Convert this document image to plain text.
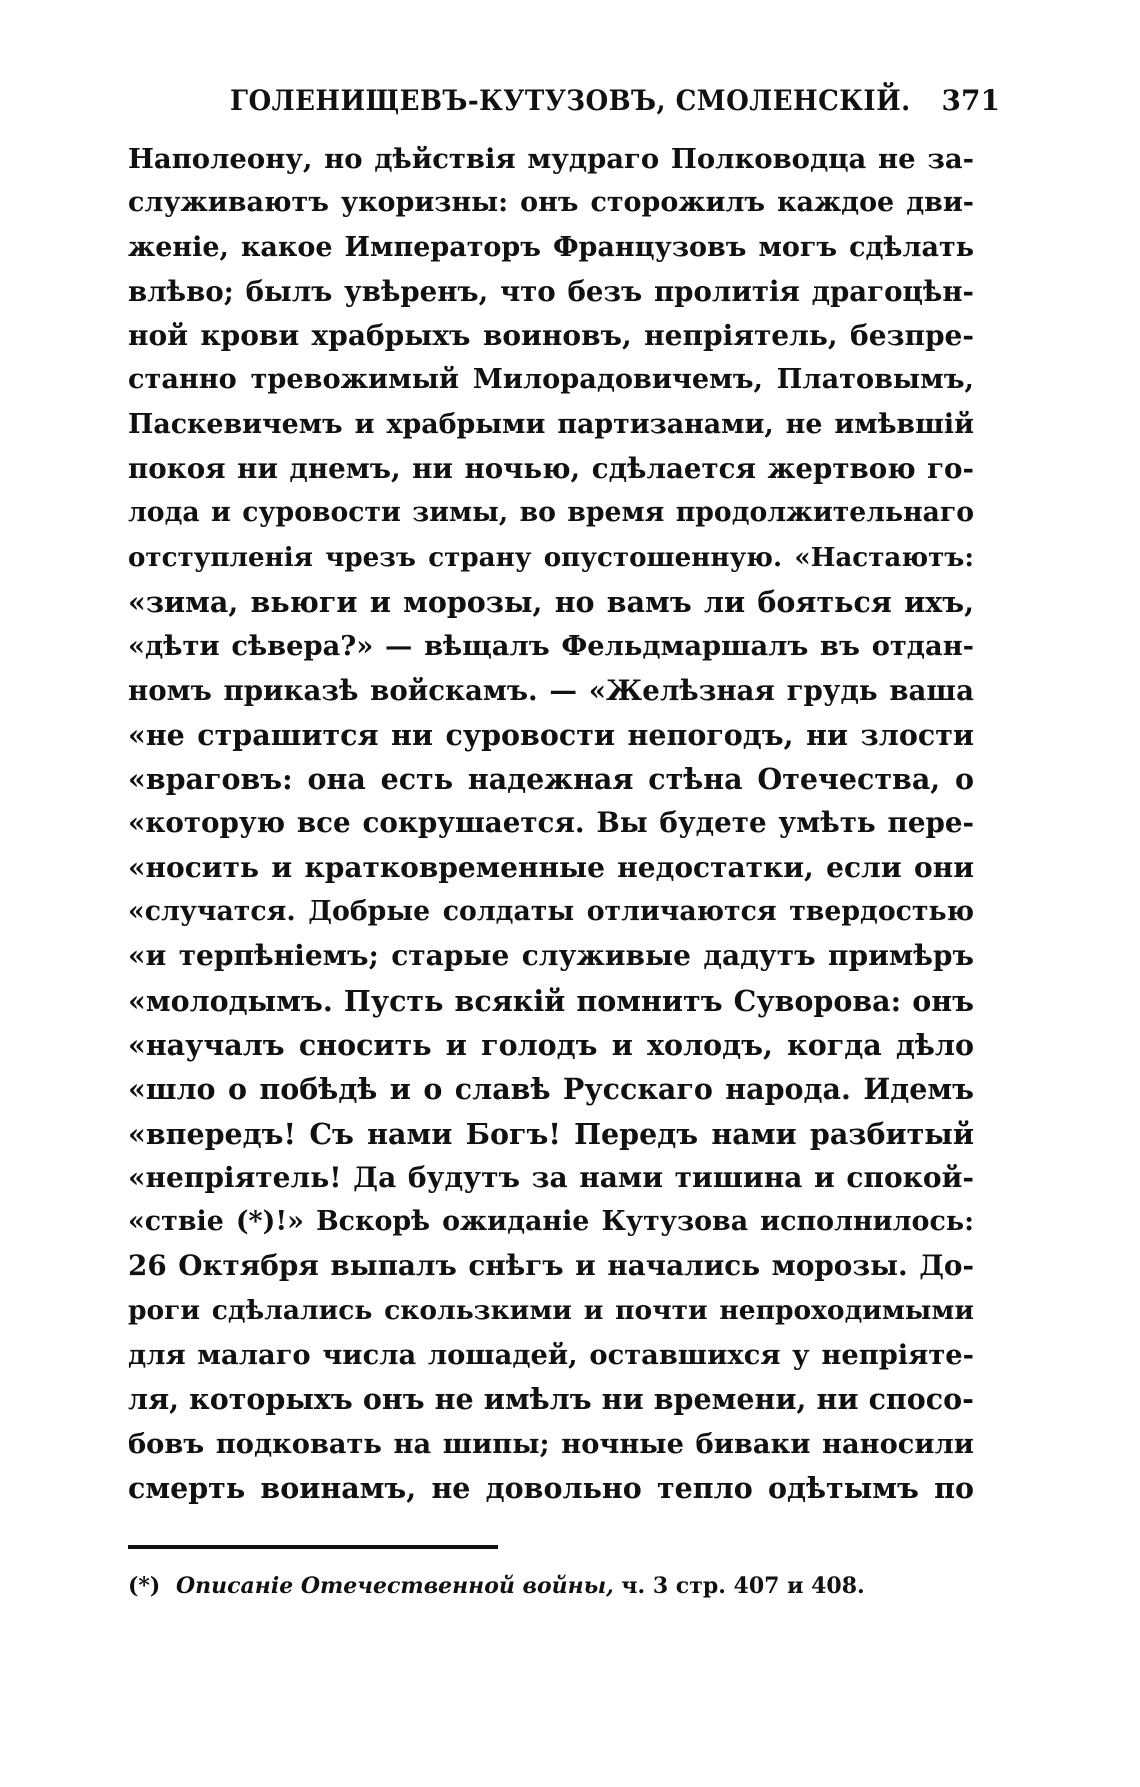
ГОЛЕНИЩЕВЪ-КУТУЗОВЪ, СМОЛЕНСКІЙ. 371
Наполеону, но дѣйствія мудраго Полководца не за-
служиваютъ укоризны: онъ сторожилъ каждое дви-
женіе, какое Императоръ Французовъ могъ сдѣлать
влѣво; былъ увѣренъ, что безъ пролитія драгоцѣн-
ной крови храбрыхъ воиновъ, непріятель, безпре-
станно тревожимый Милорадовичемъ, Платовымъ,
Паскевичемъ и храбрыми партизанами, не имѣвшій
покоя ни днемъ, ни ночью, сдѣлается жертвою го-
лода и суровости зимы, во время продолжительнаго
отступленія чрезъ страну опустошенную. «Настаютъ:
«зима, вьюги и морозы, но вамъ ли бояться ихъ,
«дѣти сѣвера?» — вѣщалъ Фельдмаршалъ въ отдан-
номъ приказѣ войскамъ. — «Желѣзная грудь ваша
«не страшится ни суровости непогодъ, ни злости
«враговъ: она есть надежная стѣна Отечества, о
«которую все сокрушается. Вы будете умѣть пере-
«носить и кратковременные недостатки, если они
«случатся. Добрые солдаты отличаются твердостью
«и терпѣніемъ; старые служивые дадутъ примѣръ
«молодымъ. Пусть всякій помнитъ Суворова: онъ
«научалъ сносить и голодъ и холодъ, когда дѣло
«шло о побѣдѣ и о славѣ Русскаго народа. Идемъ
«впередъ! Съ нами Богъ! Передъ нами разбитый
«непріятель! Да будутъ за нами тишина и спокой-
«ствіе (*)!» Вскорѣ ожиданіе Кутузова исполнилось:
26 Октября выпалъ снѣгъ и начались морозы. До-
роги сдѣлались скользкими и почти непроходимыми
для малаго числа лошадей, оставшихся у непріяте-
ля, которыхъ онъ не имѣлъ ни времени, ни спосо-
бовъ подковать на шипы; ночные биваки наносили
смерть воинамъ, не довольно тепло одѣтымъ по
(*) Описаніе Отечественной войны, ч. 3 стр. 407 и 408.
